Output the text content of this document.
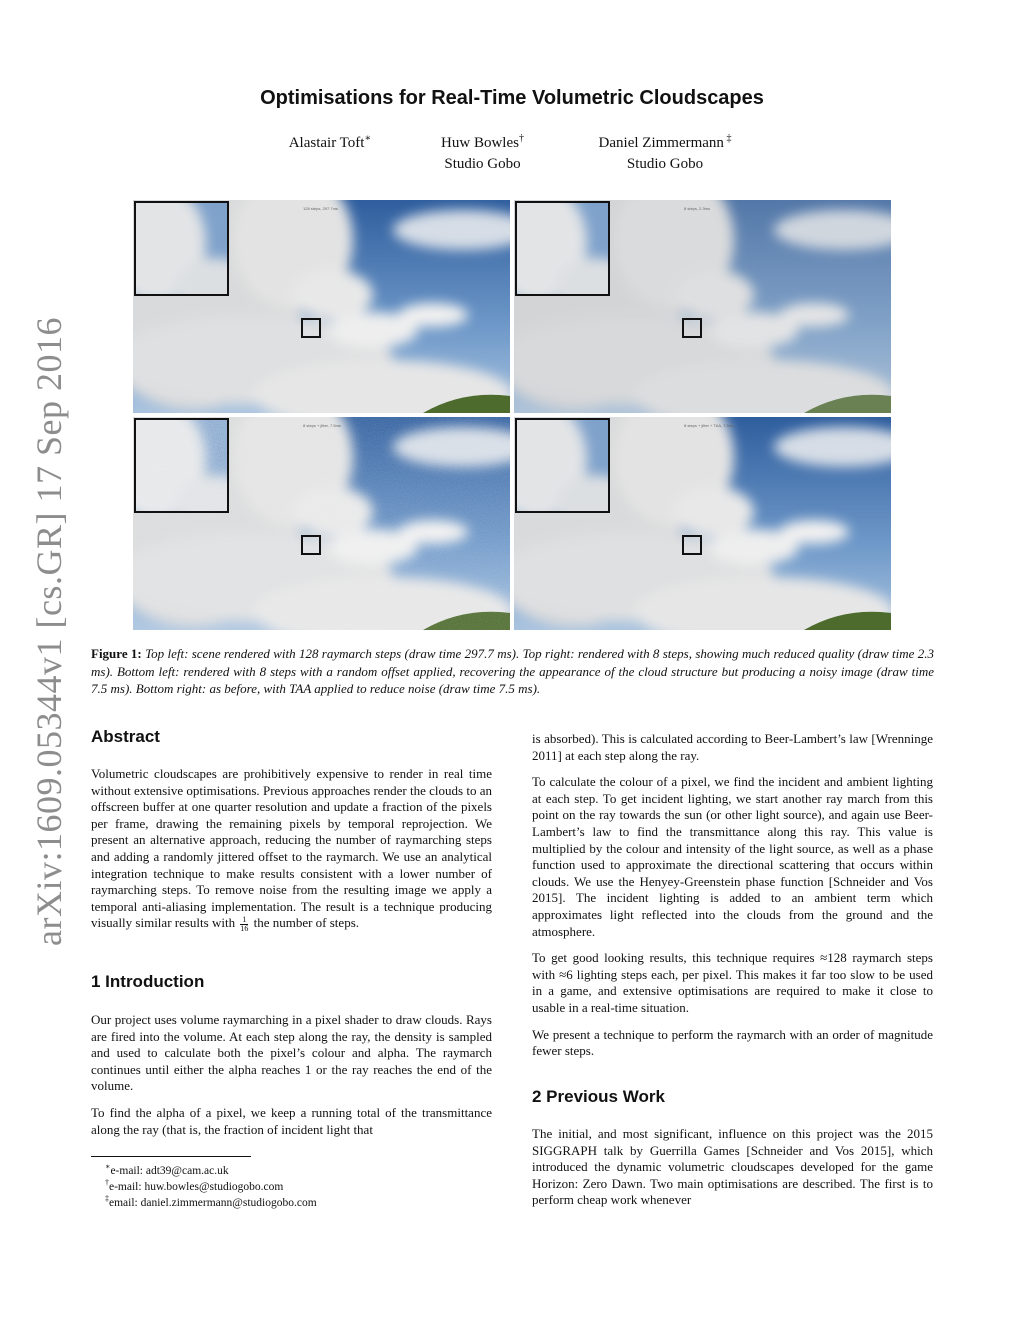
arXiv:1609.05344v1 [cs.GR] 17 Sep 2016
Optimisations for Real-Time Volumetric Cloudscapes
Alastair Toft∗	Huw Bowles†
Studio Gobo
Daniel Zimmermann ‡
Studio Gobo
128 steps, 297.7ms	8 steps, 2.3ms
8 steps + jitter, 7.5ms	8 steps + jitter + TAA, 7.5ms
Figure 1: Top left: scene rendered with 128 raymarch steps (draw time 297.7 ms). Top right: rendered with 8 steps, showing much reduced quality (draw time 2.3 ms). Bottom left: rendered with 8 steps with a random offset applied, recovering the appearance of the cloud structure but producing a noisy image (draw time 7.5 ms). Bottom right: as before, with TAA applied to reduce noise (draw time 7.5 ms).
Abstract

Volumetric cloudscapes are prohibitively expensive to render in real time without extensive optimisations. Previous approaches render the clouds to an offscreen buffer at one quarter resolution and update a fraction of the pixels per frame, drawing the remaining pixels by temporal reprojection. We present an alternative approach, reducing the number of raymarching steps and adding a randomly jittered offset to the raymarch. We use an analytical integration technique to make results consistent with a lower number of raymarching steps. To remove noise from the resulting image we apply a temporal anti-aliasing implementation. The result is a technique producing visually similar results with $\frac{1}{16}$ the number of steps.

1 Introduction

Our project uses volume raymarching in a pixel shader to draw clouds. Rays are fired into the volume. At each step along the ray, the density is sampled and used to calculate both the pixel’s colour and alpha. The raymarch continues until either the alpha reaches 1 or the ray reaches the end of the volume.

To find the alpha of a pixel, we keep a running total of the transmittance along the ray (that is, the fraction of incident light that

∗e-mail: adt39@cam.ac.uk
†e-mail: huw.bowles@studiogobo.com
‡email: daniel.zimmermann@studiogobo.com

is absorbed). This is calculated according to Beer-Lambert’s law [Wrenninge 2011] at each step along the ray.

To calculate the colour of a pixel, we find the incident and ambient lighting at each step. To get incident lighting, we start another ray march from this point on the ray towards the sun (or other light source), and again use Beer-Lambert’s law to find the transmittance along this ray. This value is multiplied by the colour and intensity of the light source, as well as a phase function used to approximate the directional scattering that occurs within clouds. We use the Henyey-Greenstein phase function [Schneider and Vos 2015]. The incident lighting is added to an ambient term which approximates light reflected into the clouds from the ground and the atmosphere.

To get good looking results, this technique requires ≈128 raymarch steps with ≈6 lighting steps each, per pixel. This makes it far too slow to be used in a game, and extensive optimisations are required to make it close to usable in a real-time situation.

We present a technique to perform the raymarch with an order of magnitude fewer steps.

2 Previous Work

The initial, and most significant, influence on this project was the 2015 SIGGRAPH talk by Guerrilla Games [Schneider and Vos 2015], which introduced the dynamic volumetric cloudscapes developed for the game Horizon: Zero Dawn. Two main optimisations are described. The first is to perform cheap work whenever
